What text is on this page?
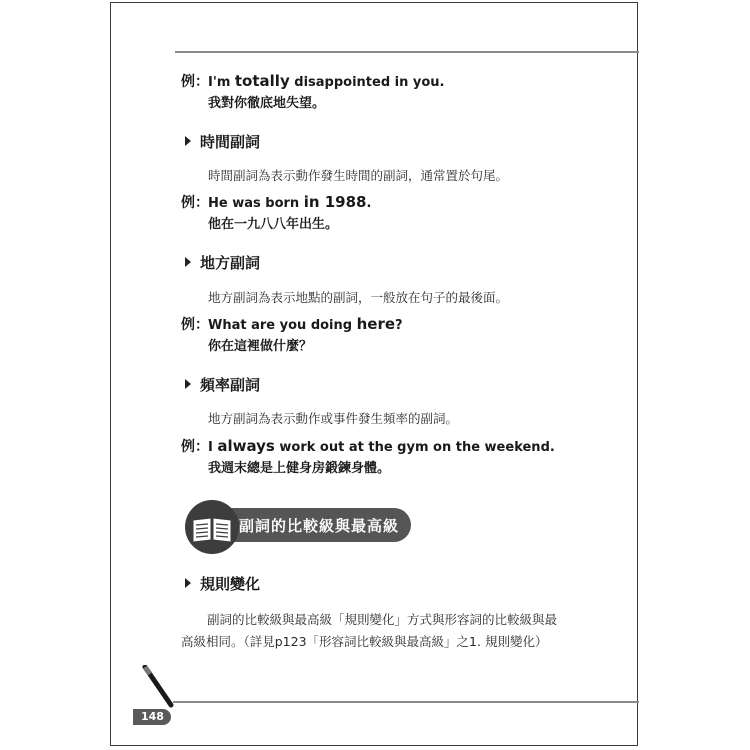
例：I'm totally disappointed in you.
我對你徹底地失望。
時間副詞
時間副詞為表示動作發生時間的副詞，通常置於句尾。
例：He was born in 1988.
他在一九八八年出生。
地方副詞
地方副詞為表示地點的副詞，一般放在句子的最後面。
例：What are you doing here?
你在這裡做什麼？
頻率副詞
地方副詞為表示動作或事件發生頻率的副詞。
例：I always work out at the gym on the weekend.
我週末總是上健身房鍛鍊身體。
副詞的比較級與最高級
規則變化
副詞的比較級與最高級「規則變化」方式與形容詞的比較級與最
高級相同。（詳見p123「形容詞比較級與最高級」之1. 規則變化）
148
